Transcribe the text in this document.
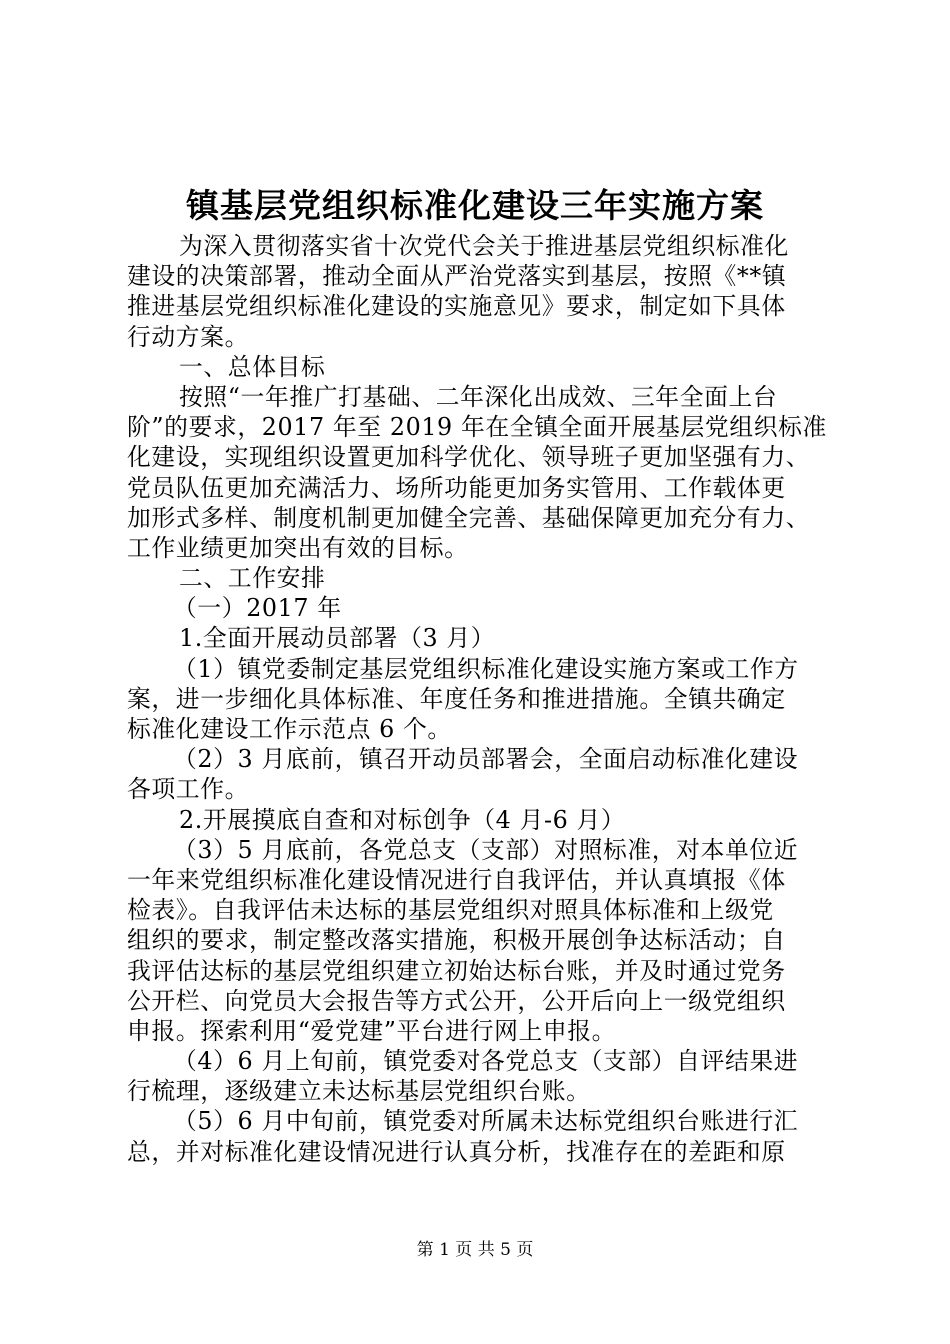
镇基层党组织标准化建设三年实施方案
为深入贯彻落实省十次党代会关于推进基层党组织标准化
建设的决策部署，推动全面从严治党落实到基层，按照《**镇
推进基层党组织标准化建设的实施意见》要求，制定如下具体
行动方案。
一、总体目标
按照“一年推广打基础、二年深化出成效、三年全面上台
阶”的要求，2017 年至 2019 年在全镇全面开展基层党组织标准
化建设，实现组织设置更加科学优化、领导班子更加坚强有力、
党员队伍更加充满活力、场所功能更加务实管用、工作载体更
加形式多样、制度机制更加健全完善、基础保障更加充分有力、
工作业绩更加突出有效的目标。
二、工作安排
（一）2017 年
1.全面开展动员部署（3 月）
（1）镇党委制定基层党组织标准化建设实施方案或工作方
案，进一步细化具体标准、年度任务和推进措施。全镇共确定
标准化建设工作示范点 6 个。
（2）3 月底前，镇召开动员部署会，全面启动标准化建设
各项工作。
2.开展摸底自查和对标创争（4 月-6 月）
（3）5 月底前，各党总支（支部）对照标准，对本单位近
一年来党组织标准化建设情况进行自我评估，并认真填报《体
检表》。自我评估未达标的基层党组织对照具体标准和上级党
组织的要求，制定整改落实措施，积极开展创争达标活动；自
我评估达标的基层党组织建立初始达标台账，并及时通过党务
公开栏、向党员大会报告等方式公开，公开后向上一级党组织
申报。探索利用“爱党建”平台进行网上申报。
（4）6 月上旬前，镇党委对各党总支（支部）自评结果进
行梳理，逐级建立未达标基层党组织台账。
（5）6 月中旬前，镇党委对所属未达标党组织台账进行汇
总，并对标准化建设情况进行认真分析，找准存在的差距和原
第 1 页 共 5 页
